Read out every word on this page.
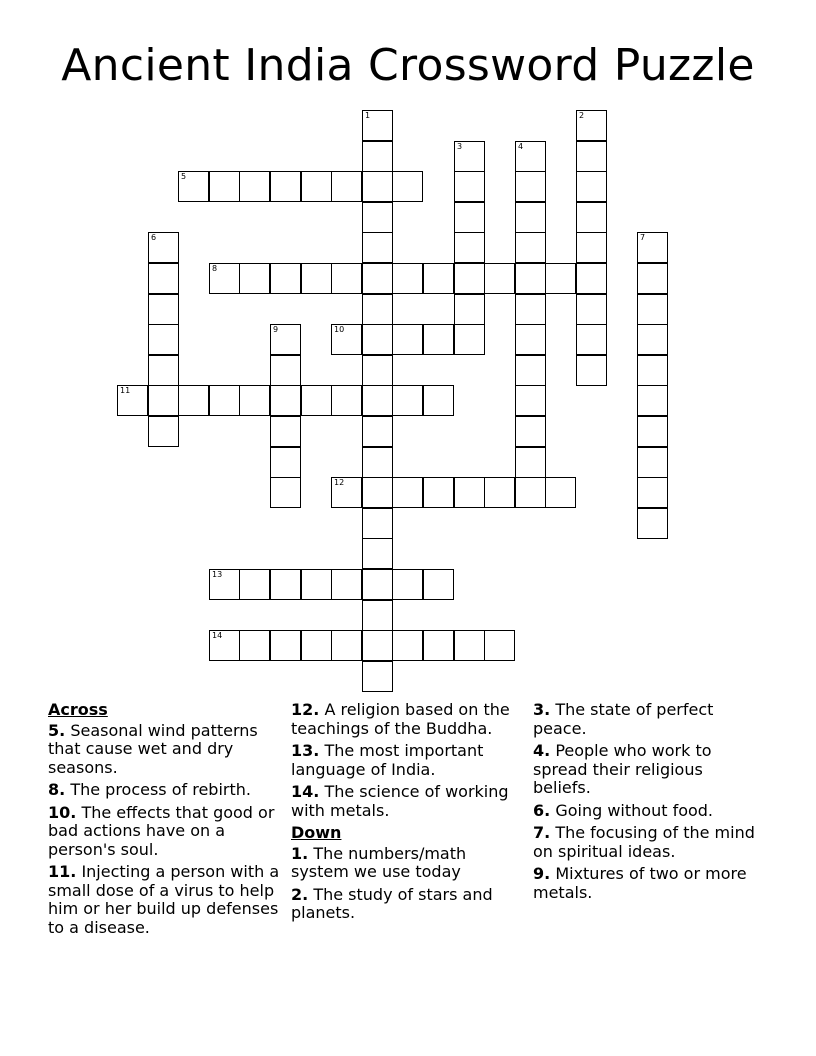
Ancient India Crossword Puzzle
1	2
3	4
5
6	7
8
9	10
11
12
13
14
Across
5. Seasonal wind patterns that cause wet and dry seasons.
8. The process of rebirth.
10. The effects that good or bad actions have on a person's soul.
11. Injecting a person with a small dose of a virus to help him or her build up defenses to a disease.
12. A religion based on the teachings of the Buddha.
13. The most important language of India.
14. The science of working with metals.
Down
1. The numbers/math system we use today
2. The study of stars and planets.
3. The state of perfect peace.
4. People who work to spread their religious beliefs.
6. Going without food.
7. The focusing of the mind on spiritual ideas.
9. Mixtures of two or more metals.
